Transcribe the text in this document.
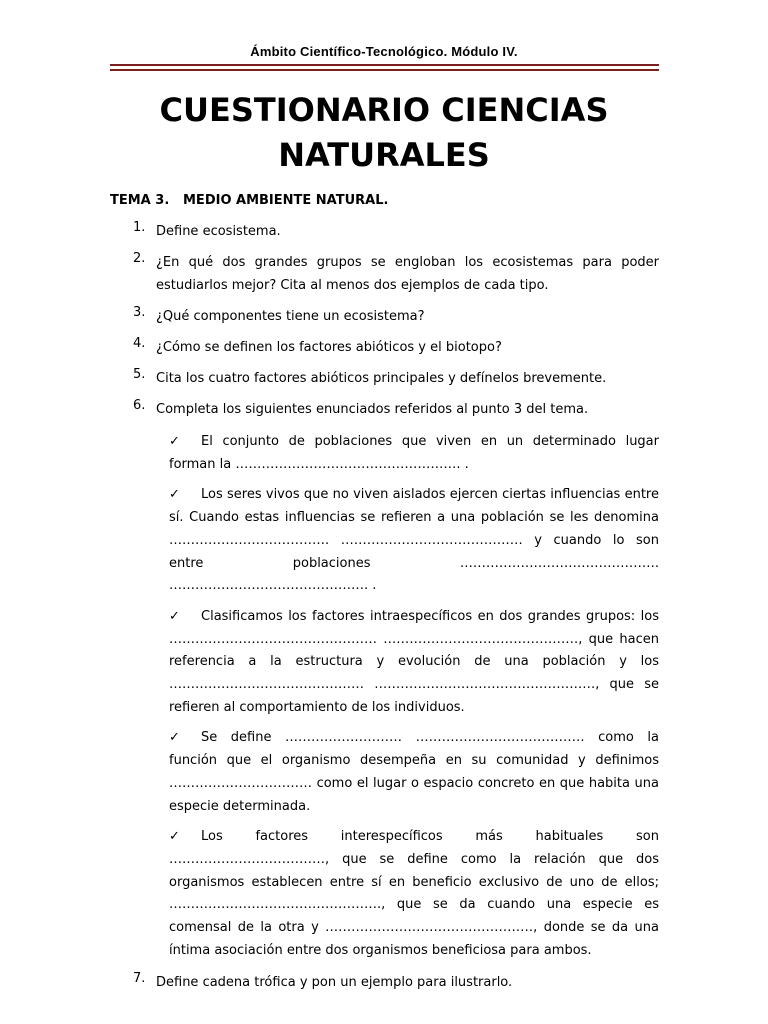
Ámbito Científico-Tecnológico. Módulo IV.
CUESTIONARIO CIENCIAS
NATURALES
TEMA 3. MEDIO AMBIENTE NATURAL.
1. Define ecosistema.
2. ¿En qué dos grandes grupos se engloban los ecosistemas para poder estudiarlos mejor? Cita al menos dos ejemplos de cada tipo.
3. ¿Qué componentes tiene un ecosistema?
4. ¿Cómo se definen los factores abióticos y el biotopo?
5. Cita los cuatro factores abióticos principales y defínelos brevemente.
6. Completa los siguientes enunciados referidos al punto 3 del tema.
✓ El conjunto de poblaciones que viven en un determinado lugar forman la ……………………………………………. .
✓ Los seres vivos que no viven aislados ejercen ciertas influencias entre sí. Cuando estas influencias se refieren a una población se les denomina ………………………………. …………………………………… y cuando lo son entre poblaciones ………………………………………. ………………………………………. .
✓ Clasificamos los factores intraespecíficos en dos grandes grupos: los ………………………………………… ………………………………………, que hacen referencia a la estructura y evolución de una población y los ……………………………………… ……………………………………………, que se refieren al comportamiento de los individuos.
✓ Se define ……………………… ………………………………… como la función que el organismo desempeña en su comunidad y definimos …………………………… como el lugar o espacio concreto en que habita una especie determinada.
✓ Los factores interespecíficos más habituales son ………………………………, que se define como la relación que dos organismos establecen entre sí en beneficio exclusivo de uno de ellos; …………………………………………., que se da cuando una especie es comensal de la otra y …………………………………………, donde se da una íntima asociación entre dos organismos beneficiosa para ambos.
7. Define cadena trófica y pon un ejemplo para ilustrarlo.
